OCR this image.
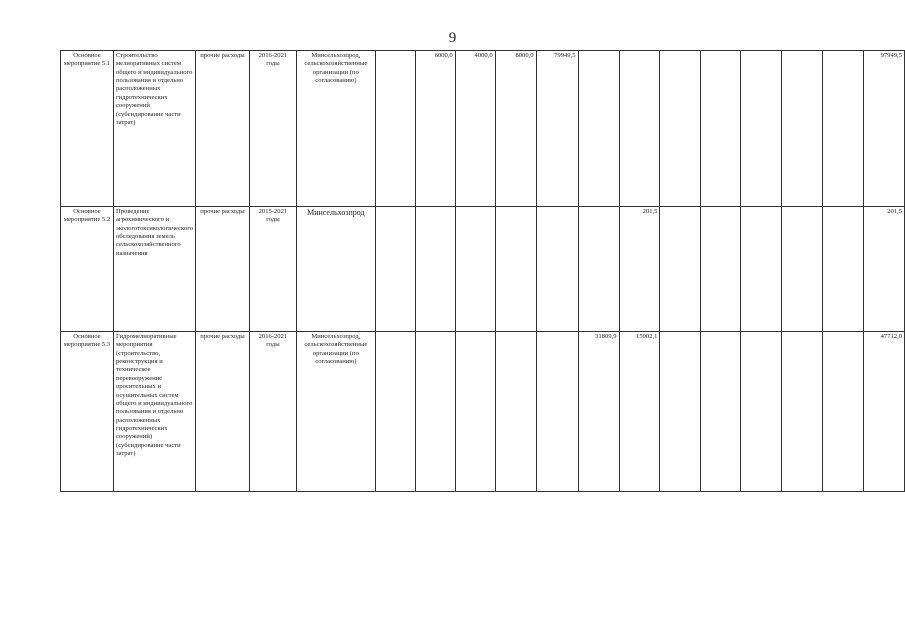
9
Основное мероприятие 5.1	Строительство мелиоративных систем общего и индивидуального пользования и отдельно расположенных гидротехнических сооружений (субсидирование части затрат)	прочие расходы	2016-2021 годы	Минсельхозпрод, сельскохозяйственные организации (по согласованию)		6000,0	4000,0	8000,0	79949,5								97949,5
Основное мероприятие 5.2	Проведение агрохимического и экологотоксикологического обследования земель сельскохозяйственного назначения	прочие расходы	2015-2021 годы	Минсельхозпрод							201,5						201,5
Основное мероприятие 5.3	Гидромелиоративные мероприятия (строительство, реконструкция и техническое перевооружение оросительных и осушительных систем общего и индивидуального пользования и отдельно расположенных гидротехнических сооружений) (субсидирование части затрат)	прочие расходы	2016-2021 годы	Минсельхозпрод, сельскохозяйственные организации (по согласованию)						31809,9	15902,1						47712,0
